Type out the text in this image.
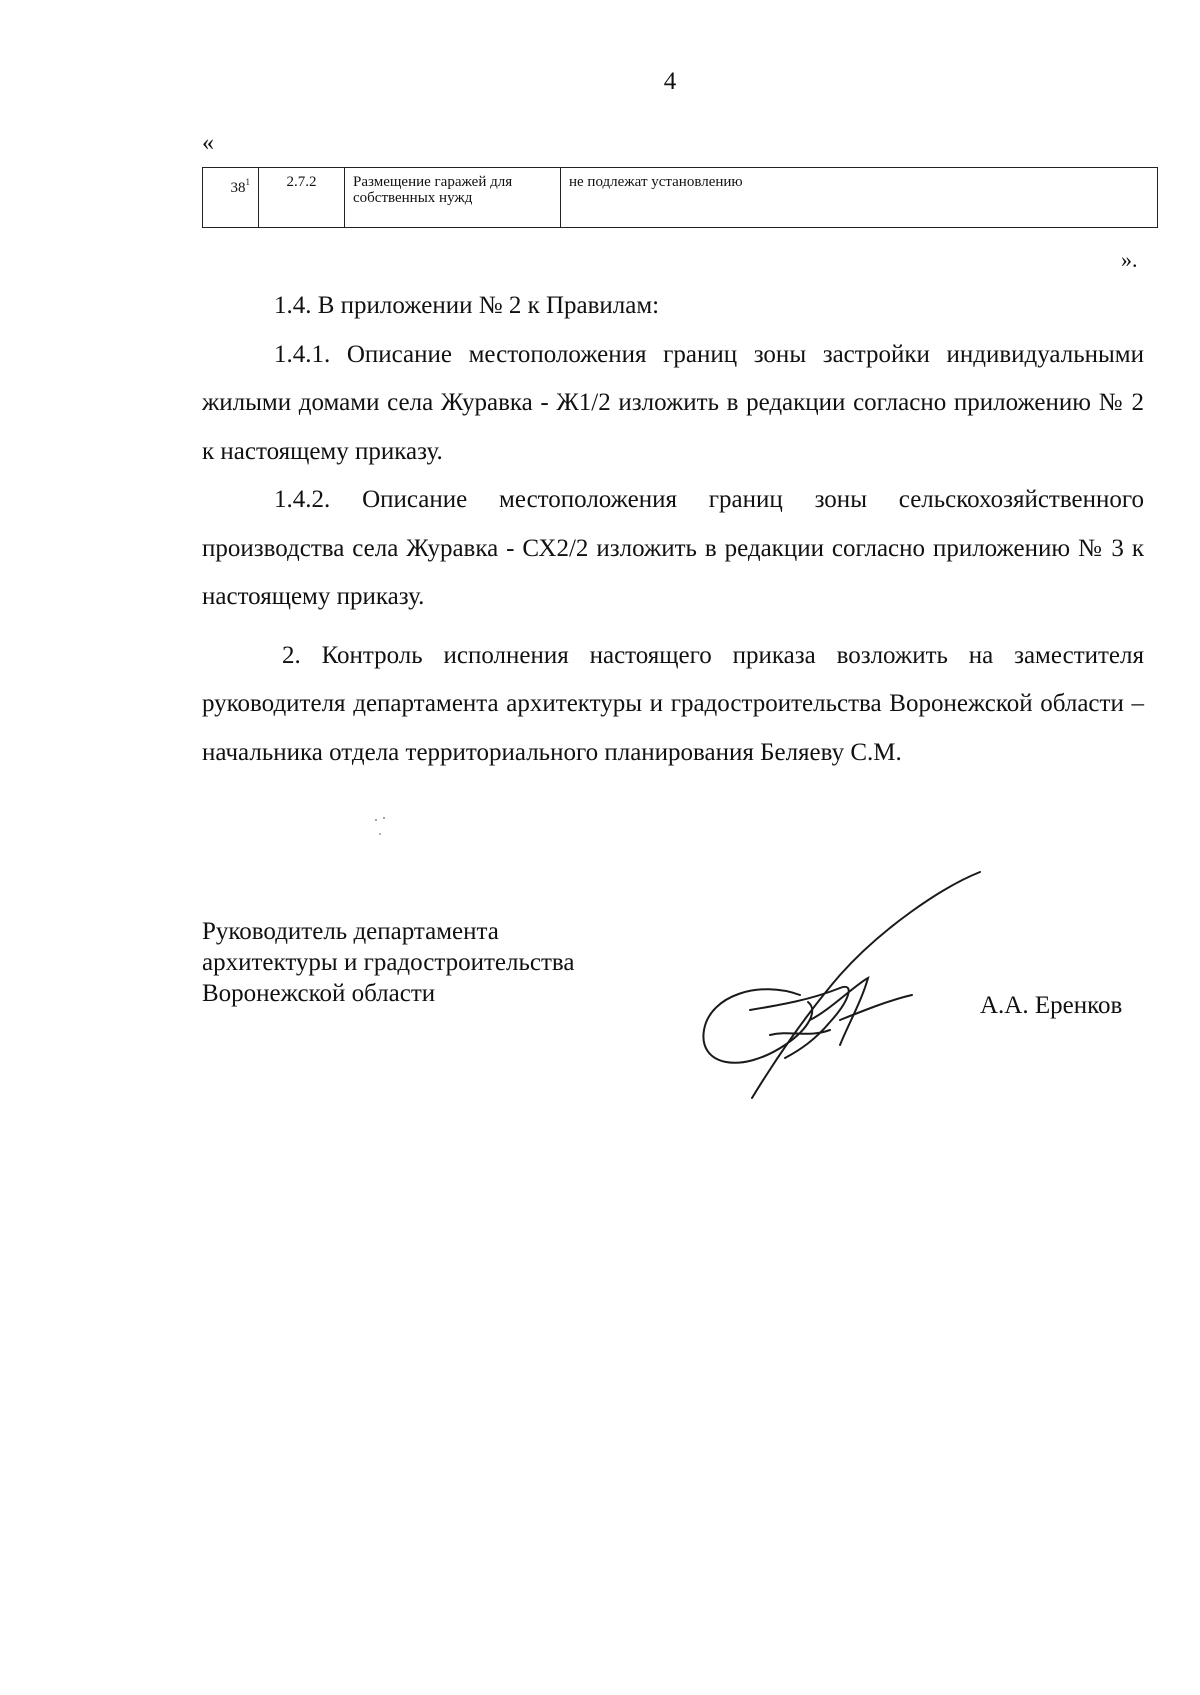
4
«
$38^1$	2.7.2	Размещение гаражей для собственных нужд	не подлежат установлению
».

1.4. В приложении № 2 к Правилам:

1.4.1. Описание местоположения границ зоны застройки индивидуальными жилыми домами села Журавка - Ж1/2 изложить в редакции согласно приложению № 2 к настоящему приказу.

1.4.2. Описание местоположения границ зоны сельскохозяйственного производства села Журавка - СХ2/2 изложить в редакции согласно приложению № 3 к настоящему приказу.

2. Контроль исполнения настоящего приказа возложить на заместителя руководителя департамента архитектуры и градостроительства Воронежской области – начальника отдела территориального планирования Беляеву С.М.

Руководитель департамента
архитектуры и градостроительства
Воронежской области	А.А. Еренков
